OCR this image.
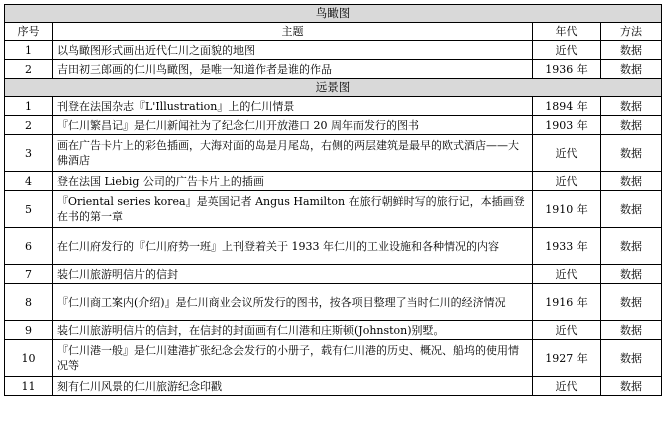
鸟瞰图			
序号	主题	年代	方法
1	以鸟瞰图形式画出近代仁川之面貌的地图	近代	数据
2	吉田初三郎画的仁川鸟瞰图，是唯一知道作者是谁的作品	1936 年	数据
远景图			
1	刊登在法国杂志『L'Illustration』上的仁川情景	1894 年	数据
2	『仁川繁昌记』是仁川新闻社为了纪念仁川开放港口 20 周年而发行的图书	1903 年	数据
3	画在广告卡片上的彩色插画，大海对面的岛是月尾岛，右侧的两层建筑是最早的欧式酒店——大佛酒店	近代	数据
4	登在法国 Liebig 公司的广告卡片上的插画	近代	数据
5	『Oriental series korea』是英国记者 Angus Hamilton 在旅行朝鲜时写的旅行记，本插画登在书的第一章	1910 年	数据
6	在仁川府发行的『仁川府势一班』上刊登着关于 1933 年仁川的工业设施和各种情况的内容	1933 年	数据
7	装仁川旅游明信片的信封	近代	数据
8	『仁川商工案内(介绍)』是仁川商业会议所发行的图书，按各项目整理了当时仁川的经济情况	1916 年	数据
9	装仁川旅游明信片的信封，在信封的封面画有仁川港和庄斯顿(Johnston)别墅。	近代	数据
10	『仁川港一般』是仁川建港扩张纪念会发行的小册子，载有仁川港的历史、概况、船坞的使用情况等	1927 年	数据
11	刻有仁川风景的仁川旅游纪念印戳	近代	数据
